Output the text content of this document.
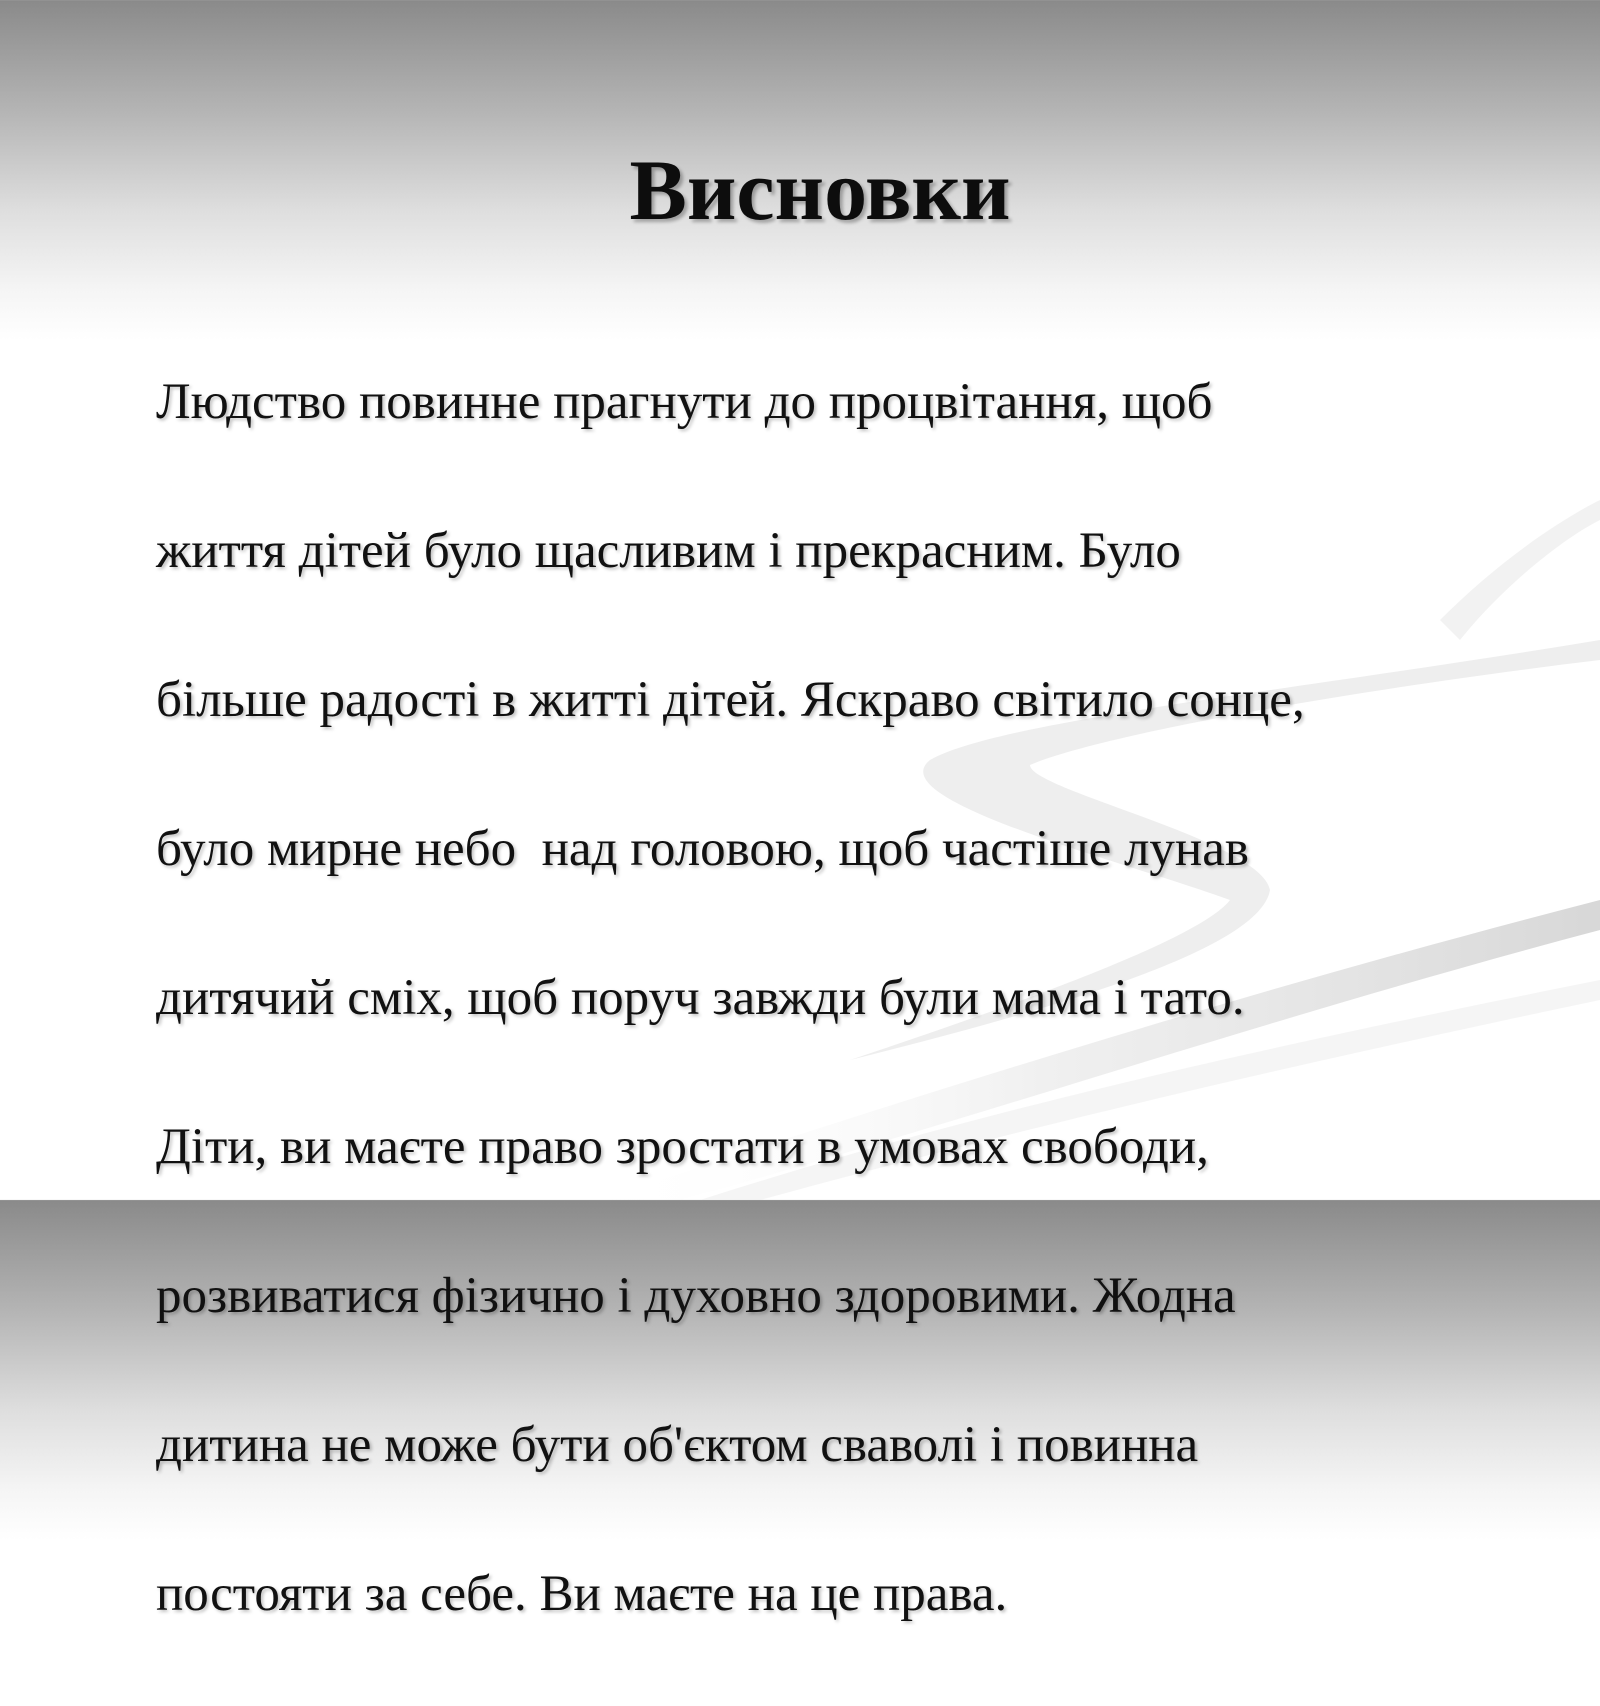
Висновки

Людство повинне прагнути до процвітання, щоб

життя дітей було щасливим і прекрасним. Було

більше радості в житті дітей. Яскраво світило сонце,

було мирне небо  над головою, щоб частіше лунав

дитячий сміх, щоб поруч завжди були мама і тато.

Діти, ви маєте право зростати в умовах свободи,

розвиватися фізично і духовно здоровими. Жодна

дитина не може бути об'єктом сваволі і повинна

постояти за себе. Ви маєте на це права.
